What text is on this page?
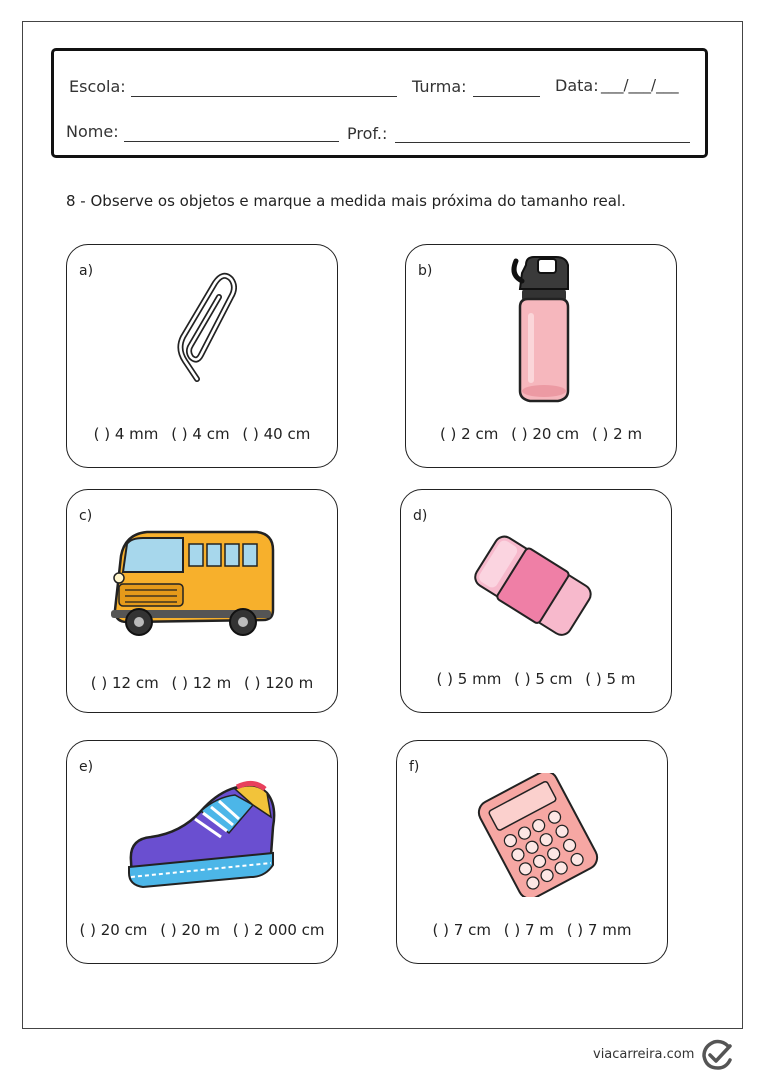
Escola:	Turma:	Data: ___/___/___
Nome:	Prof.:
8 - Observe os objetos e marque a medida mais próxima do tamanho real.
a)
( ) 4 mm ( ) 4 cm ( ) 40 cm
b)
( ) 2 cm ( ) 20 cm ( ) 2 m
c)
( ) 12 cm ( ) 12 m ( ) 120 m
d)
( ) 5 mm ( ) 5 cm ( ) 5 m
e)
( ) 20 cm ( ) 20 m ( ) 2 000 cm
f)
( ) 7 cm ( ) 7 m ( ) 7 mm
viacarreira.com
